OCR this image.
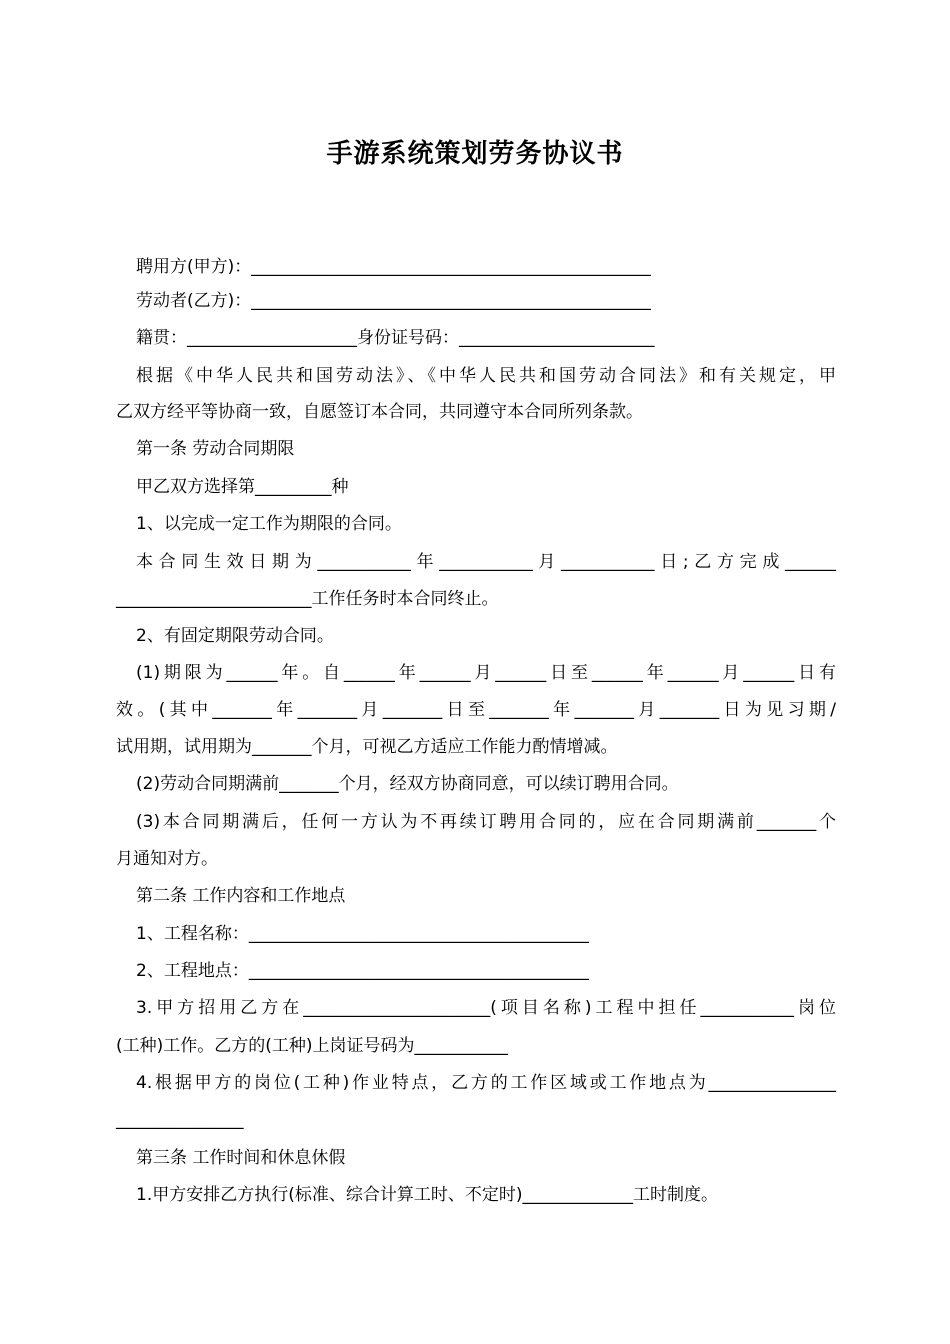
手游系统策划劳务协议书
聘用方(甲方)：_______________________________________________
劳动者(乙方)：_______________________________________________
籍贯：____________________身份证号码：_______________________
根据《中华人民共和国劳动法》、《中华人民共和国劳动合同法》和有关规定，甲
乙双方经平等协商一致，自愿签订本合同，共同遵守本合同所列条款。
第一条 劳动合同期限
甲乙双方选择第_________种
1、以完成一定工作为期限的合同。
本合同生效日期为___________年___________月___________日;乙方完成______
_______________________工作任务时本合同终止。
2、有固定期限劳动合同。
(1)期限为______年。自______年______月______日至______年______月______日有
效。(其中_______年_______月_______日至_______年_______月_______日为见习期/
试用期，试用期为_______个月，可视乙方适应工作能力酌情增减。
(2)劳动合同期满前_______个月，经双方协商同意，可以续订聘用合同。
(3)本合同期满后，任何一方认为不再续订聘用合同的，应在合同期满前_______个
月通知对方。
第二条 工作内容和工作地点
1、工程名称：________________________________________
2、工程地点：________________________________________
3.甲方招用乙方在______________________(项目名称)工程中担任___________岗位
(工种)工作。乙方的(工种)上岗证号码为___________
4.根据甲方的岗位(工种)作业特点，乙方的工作区域或工作地点为_______________
_______________
第三条 工作时间和休息休假
1.甲方安排乙方执行(标准、综合计算工时、不定时)_____________工时制度。
